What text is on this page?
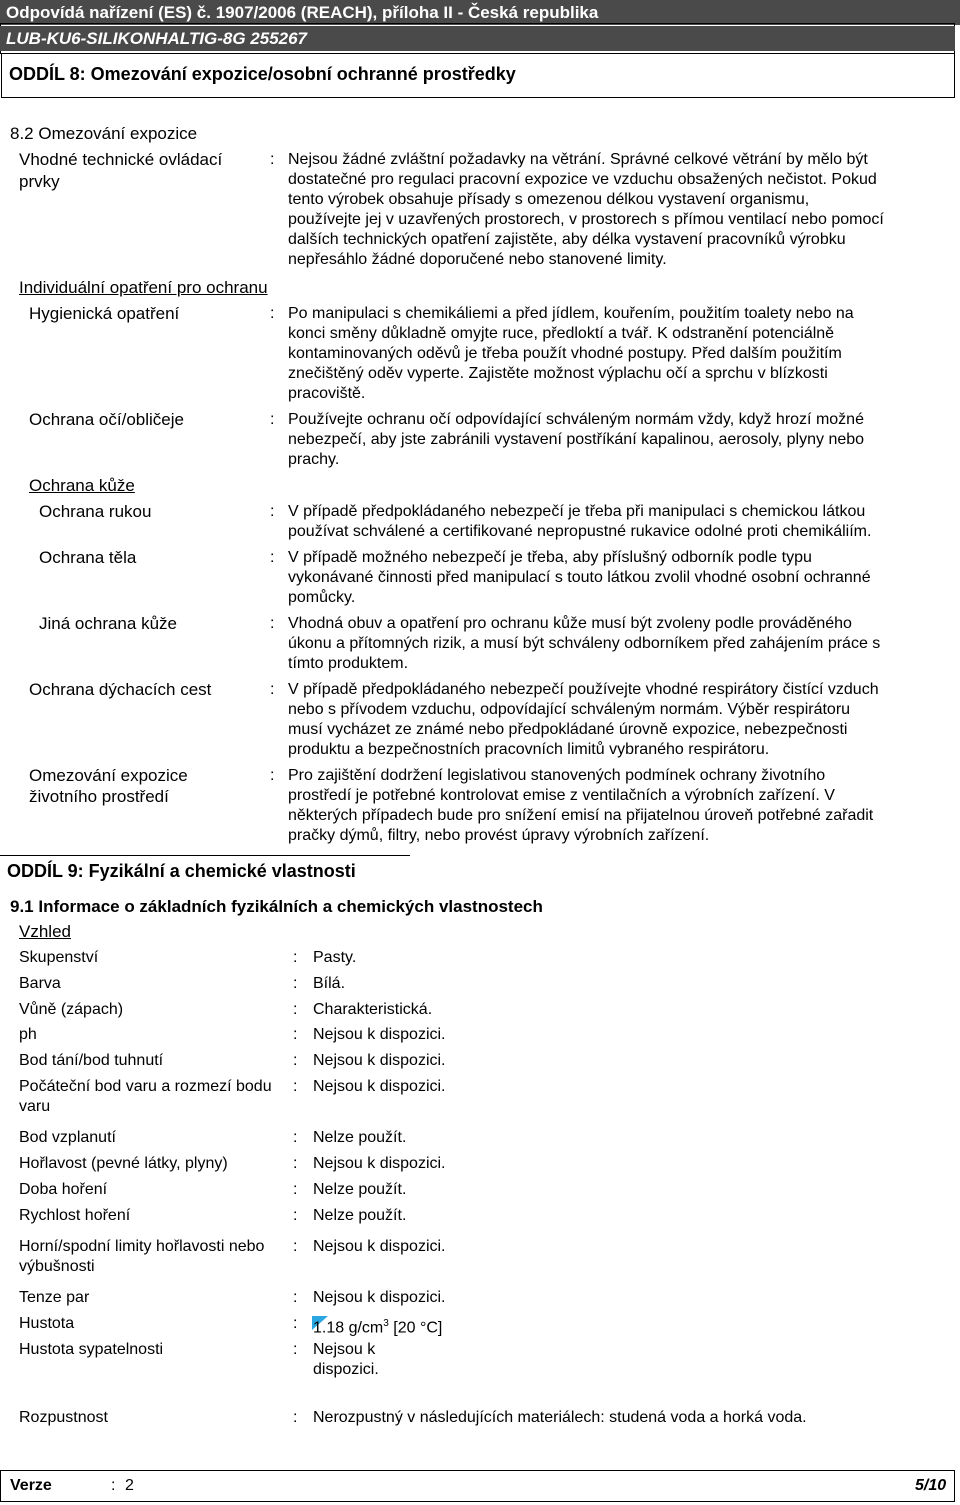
Odpovídá nařízení (ES) č. 1907/2006 (REACH), příloha II - Česká republika
LUB-KU6-SILIKONHALTIG-8G 255267
ODDÍL 8: Omezování expozice/osobní ochranné prostředky
8.2 Omezování expozice
Vhodné technické ovládací
prvky
: Nejsou žádné zvláštní požadavky na větrání. Správné celkové větrání by mělo být
dostatečné pro regulaci pracovní expozice ve vzduchu obsažených nečistot. Pokud
tento výrobek obsahuje přísady s omezenou délkou vystavení organismu,
používejte jej v uzavřených prostorech, v prostorech s přímou ventilací nebo pomocí
dalších technických opatření zajistěte, aby délka vystavení pracovníků výrobku
nepřesáhlo žádné doporučené nebo stanovené limity.
Individuální opatření pro ochranu
Hygienická opatření	: Po manipulaci s chemikáliemi a před jídlem, kouřením, použitím toalety nebo na
konci směny důkladně omyjte ruce, předloktí a tvář. K odstranění potenciálně
kontaminovaných oděvů je třeba použít vhodné postupy. Před dalším použitím
znečištěný oděv vyperte. Zajistěte možnost výplachu očí a sprchu v blízkosti
pracoviště.
Ochrana očí/obličeje	: Používejte ochranu očí odpovídající schváleným normám vždy, když hrozí možné
nebezpečí, aby jste zabránili vystavení postříkání kapalinou, aerosoly, plyny nebo
prachy.
Ochrana kůže
Ochrana rukou	: V případě předpokládaného nebezpečí je třeba při manipulaci s chemickou látkou
používat schválené a certifikované nepropustné rukavice odolné proti chemikáliím.
Ochrana těla	: V případě možného nebezpečí je třeba, aby příslušný odborník podle typu
vykonávané činnosti před manipulací s touto látkou zvolil vhodné osobní ochranné
pomůcky.
Jiná ochrana kůže	: Vhodná obuv a opatření pro ochranu kůže musí být zvoleny podle prováděného
úkonu a přítomných rizik, a musí být schváleny odborníkem před zahájením práce s
tímto produktem.
Ochrana dýchacích cest	: V případě předpokládaného nebezpečí používejte vhodné respirátory čistící vzduch
nebo s přívodem vzduchu, odpovídající schváleným normám. Výběr respirátoru
musí vycházet ze známé nebo předpokládané úrovně expozice, nebezpečnosti
produktu a bezpečnostních pracovních limitů vybraného respirátoru.
Omezování expozice
životního prostředí
: Pro zajištění dodržení legislativou stanovených podmínek ochrany životního
prostředí je potřebné kontrolovat emise z ventilačních a výrobních zařízení. V
některých případech bude pro snížení emisí na přijatelnou úroveň potřebné zařadit
pračky dýmů, filtry, nebo provést úpravy výrobních zařízení.
ODDÍL 9: Fyzikální a chemické vlastnosti
9.1 Informace o základních fyzikálních a chemických vlastnostech
Vzhled
Skupenství	: Pasty.
Barva	: Bílá.
Vůně (zápach)	: Charakteristická.
ph	: Nejsou k dispozici.
Bod tání/bod tuhnutí	: Nejsou k dispozici.
Počáteční bod varu a rozmezí bodu varu
: Nejsou k dispozici.
Bod vzplanutí	: Nelze použít.
Hořlavost (pevné látky, plyny)	: Nejsou k dispozici.
Doba hoření	: Nelze použít.
Rychlost hoření	: Nelze použít.
Horní/spodní limity hořlavosti nebo výbušnosti
: Nejsou k dispozici.
Tenze par	: Nejsou k dispozici.
Hustota	: 1.18 $g/cm^3$ [20 °C]
Hustota sypatelnosti	: Nejsou k
dispozici.
Rozpustnost	: Nerozpustný v následujících materiálech: studená voda a horká voda.
Verze	: 2	5/10
